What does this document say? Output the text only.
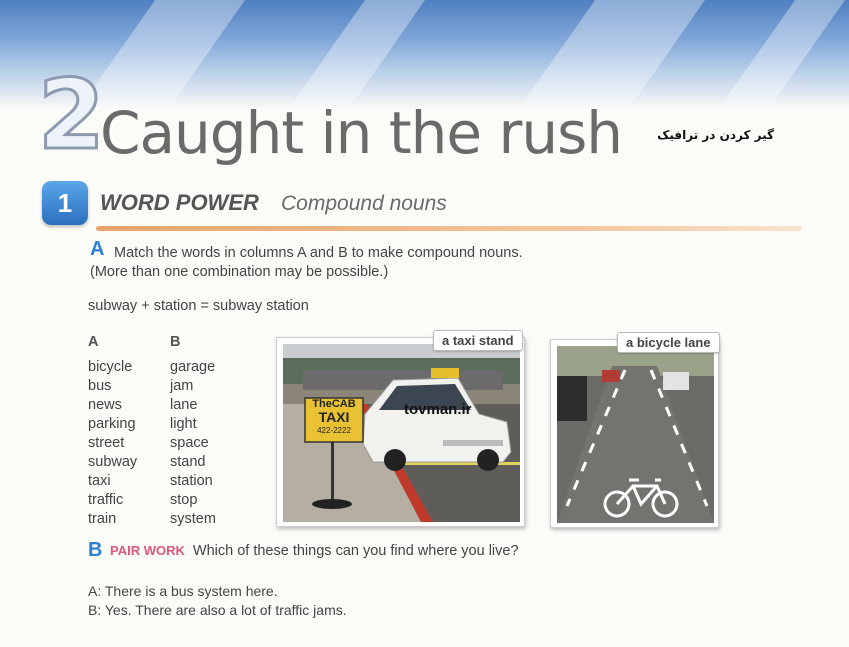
2
Caught in the rush	گیر کردن در ترافیک
1	WORD POWER Compound nouns
A Match the words in columns A and B to make compound nouns.
(More than one combination may be possible.)
subway + station = subway station
A
bicycle
bus
news
parking
street
subway
taxi
traffic
train
B
garage
jam
lane
light
space
stand
station
stop
system
TheCAB
TAXI
422-2222
a taxi stand
tovman.ir
a bicycle lane
B PAIR WORK Which of these things can you find where you live?
A: There is a bus system here.
B: Yes. There are also a lot of traffic jams.
